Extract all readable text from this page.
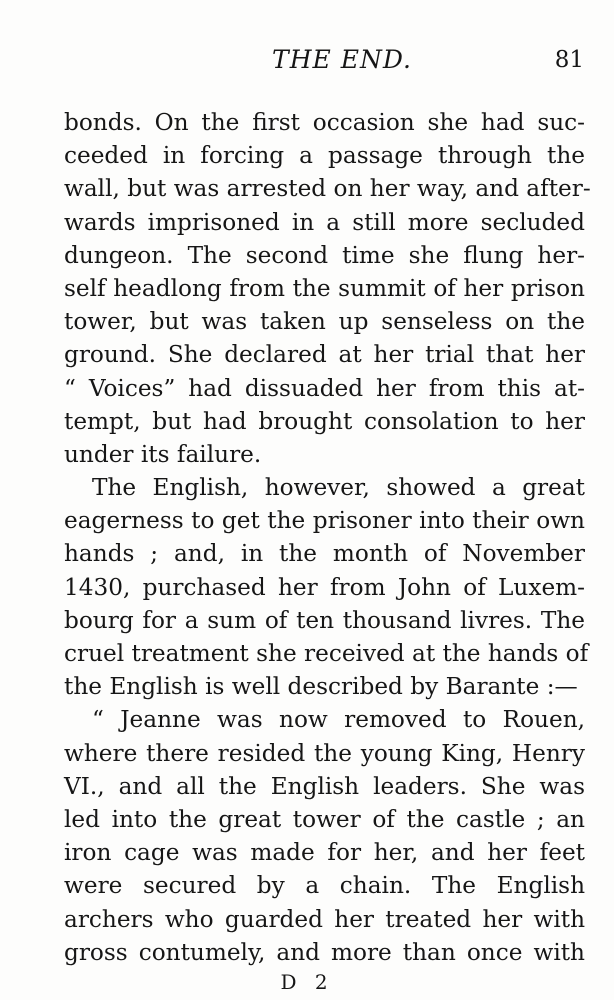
THE END.	81
bonds. On the first occasion she had suc-
ceeded in forcing a passage through the
wall, but was arrested on her way, and after-
wards imprisoned in a still more secluded
dungeon. The second time she flung her-
self headlong from the summit of her prison
tower, but was taken up senseless on the
ground. She declared at her trial that her
“ Voices” had dissuaded her from this at-
tempt, but had brought consolation to her
under its failure.
The English, however, showed a great
eagerness to get the prisoner into their own
hands ; and, in the month of November
1430, purchased her from John of Luxem-
bourg for a sum of ten thousand livres. The
cruel treatment she received at the hands of
the English is well described by Barante :—
“ Jeanne was now removed to Rouen,
where there resided the young King, Henry
VI., and all the English leaders. She was
led into the great tower of the castle ; an
iron cage was made for her, and her feet
were secured by a chain. The English
archers who guarded her treated her with
gross contumely, and more than once with
D 2
